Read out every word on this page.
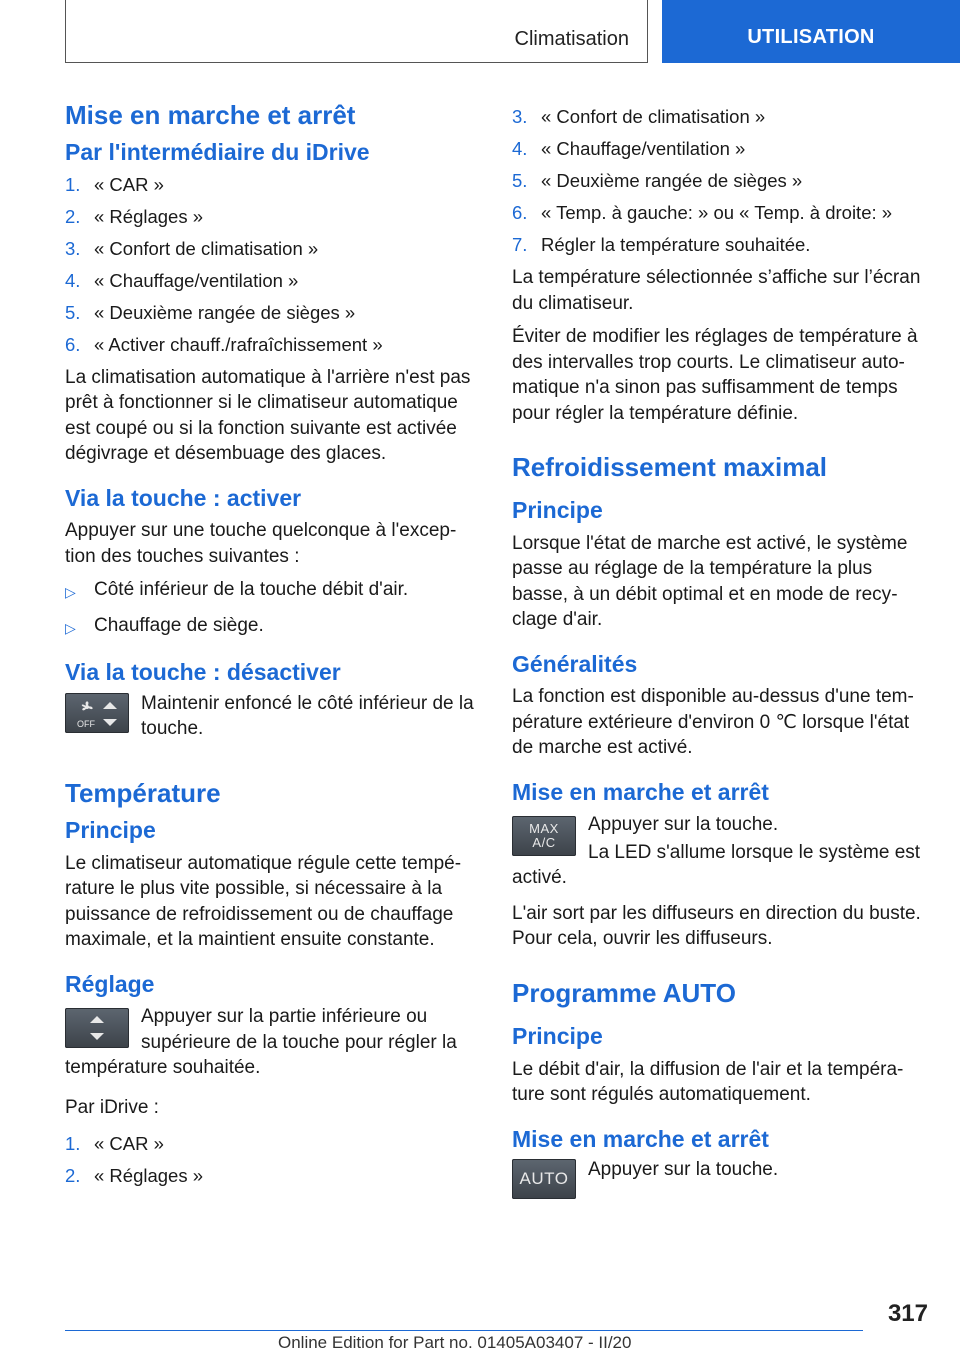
Climatisation	UTILISATION
Mise en marche et arrêt
Par l'intermédiaire du iDrive
1. « CAR »
2. « Réglages »
3. « Confort de climatisation »
4. « Chauffage/ventilation »
5. « Deuxième rangée de sièges »
6. « Activer chauff./rafraîchissement »
La climatisation automatique à l'arrière n'est pas prêt à fonctionner si le climatiseur automatique est coupé ou si la fonction suivante est activée dégivrage et désembuage des glaces.
Via la touche : activer
Appuyer sur une touche quelconque à l'exception des touches suivantes :
▷ Côté inférieur de la touche débit d'air.
▷ Chauffage de siège.
Via la touche : désactiver
OFF
Maintenir enfoncé le côté inférieur de la touche.
Température
Principe
Le climatiseur automatique régule cette température le plus vite possible, si nécessaire à la puissance de refroidissement ou de chauffage maximale, et la maintient ensuite constante.
Réglage
Appuyer sur la partie inférieure ou supérieure de la touche pour régler la température souhaitée.
Par iDrive :
1. « CAR »
2. « Réglages »
3. « Confort de climatisation »
4. « Chauffage/ventilation »
5. « Deuxième rangée de sièges »
6. « Temp. à gauche: » ou « Temp. à droite: »
7. Régler la température souhaitée.
La température sélectionnée s’affiche sur l’écran du climatiseur.
Éviter de modifier les réglages de température à des intervalles trop courts. Le climatiseur automatique n'a sinon pas suffisamment de temps pour régler la température définie.
Refroidissement maximal
Principe
Lorsque l'état de marche est activé, le système passe au réglage de la température la plus basse, à un débit optimal et en mode de recyclage d'air.
Généralités
La fonction est disponible au-dessus d'une température extérieure d'environ 0 ℃ lorsque l'état de marche est activé.
Mise en marche et arrêt
MAX
A/C
Appuyer sur la touche.
La LED s'allume lorsque le système est activé.
L'air sort par les diffuseurs en direction du buste. Pour cela, ouvrir les diffuseurs.
Programme AUTO
Principe
Le débit d'air, la diffusion de l'air et la température sont régulés automatiquement.
Mise en marche et arrêt
AUTO Appuyer sur la touche.
317
Online Edition for Part no. 01405A03407 - II/20
